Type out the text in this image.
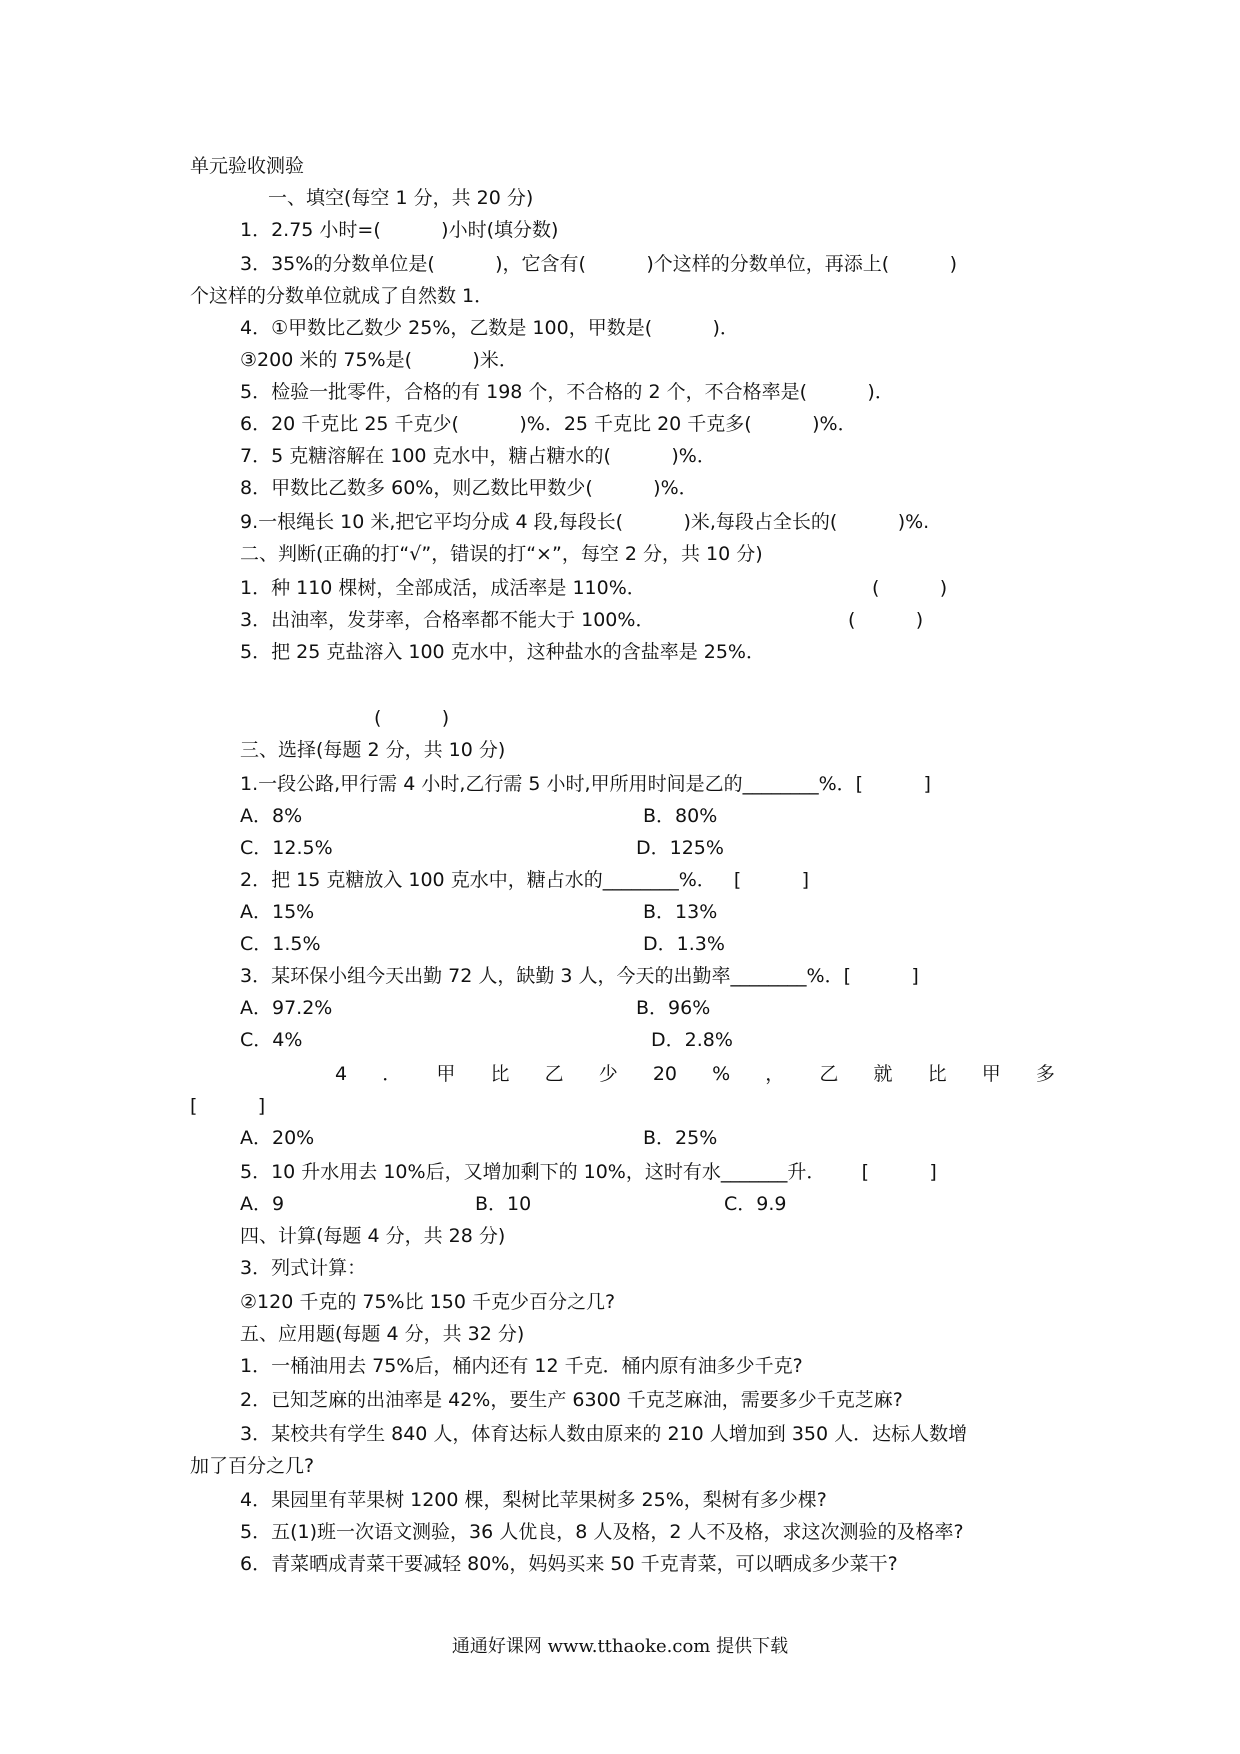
单元验收测验
一、填空(每空 1 分，共 20 分)
1．2.75 小时=(          )小时(填分数)
3．35%的分数单位是(          )，它含有(          )个这样的分数单位，再添上(          )
个这样的分数单位就成了自然数 1．
4．①甲数比乙数少 25%，乙数是 100，甲数是(          )．
③200 米的 75%是(          )米．
5．检验一批零件，合格的有 198 个，不合格的 2 个，不合格率是(          )．
6．20 千克比 25 千克少(          )%．25 千克比 20 千克多(          )%．
7．5 克糖溶解在 100 克水中，糖占糖水的(          )%．
8．甲数比乙数多 60%，则乙数比甲数少(          )%．
9.一根绳长 10 米,把它平均分成 4 段,每段长(          )米,每段占全长的(          )%.
二、判断(正确的打“√”，错误的打“×”，每空 2 分，共 10 分)
1．种 110 棵树，全部成活，成活率是 110%．	(          )
3．出油率，发芽率，合格率都不能大于 100%．	(          )
5．把 25 克盐溶入 100 克水中，这种盐水的含盐率是 25%．
(          )
三、选择(每题 2 分，共 10 分)
1.一段公路,甲行需 4 小时,乙行需 5 小时,甲所用时间是乙的________%．[          ]
A．8%	B．80%
C．12.5%	D．125%
2．把 15 克糖放入 100 克水中，糖占水的________%．   [          ]
A．15%	B．13%
C．1.5%	D．1.3%
3．某环保小组今天出勤 72 人，缺勤 3 人，今天的出勤率________%．[          ]
A．97.2%	B．96%
C．4%	D．2.8%
4 ． 甲 比 乙 少 20 % ， 乙 就 比 甲 多
[          ]
A．20%	B．25%
5．10 升水用去 10%后，又增加剩下的 10%，这时有水_______升．      [          ]
A．9	B．10	C．9.9
四、计算(每题 4 分，共 28 分)
3．列式计算：
②120 千克的 75%比 150 千克少百分之几?
五、应用题(每题 4 分，共 32 分)
1．一桶油用去 75%后，桶内还有 12 千克．桶内原有油多少千克?
2．已知芝麻的出油率是 42%，要生产 6300 千克芝麻油，需要多少千克芝麻?
3．某校共有学生 840 人，体育达标人数由原来的 210 人增加到 350 人．达标人数增
加了百分之几?
4．果园里有苹果树 1200 棵，梨树比苹果树多 25%，梨树有多少棵?
5．五(1)班一次语文测验，36 人优良，8 人及格，2 人不及格，求这次测验的及格率?
6．青菜晒成青菜干要减轻 80%，妈妈买来 50 千克青菜，可以晒成多少菜干?
通通好课网 www.tthaoke.com 提供下载
